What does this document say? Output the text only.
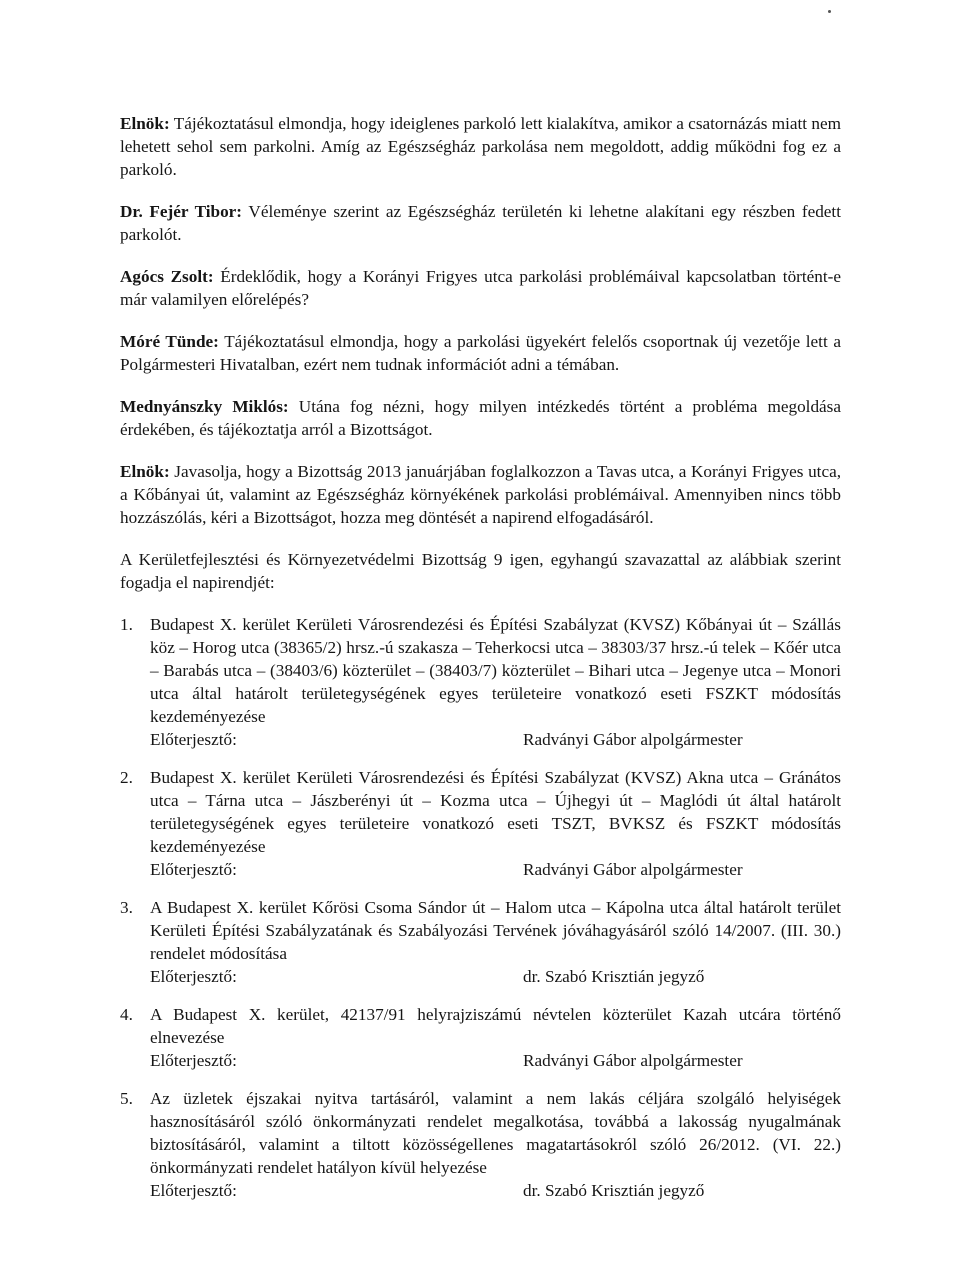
Elnök: Tájékoztatásul elmondja, hogy ideiglenes parkoló lett kialakítva, amikor a csatornázás miatt nem lehetett sehol sem parkolni. Amíg az Egészségház parkolása nem megoldott, addig működni fog ez a parkoló.

Dr. Fejér Tibor: Véleménye szerint az Egészségház területén ki lehetne alakítani egy részben fedett parkolót.

Agócs Zsolt: Érdeklődik, hogy a Korányi Frigyes utca parkolási problémáival kapcsolatban történt-e már valamilyen előrelépés?

Móré Tünde: Tájékoztatásul elmondja, hogy a parkolási ügyekért felelős csoportnak új vezetője lett a Polgármesteri Hivatalban, ezért nem tudnak információt adni a témában.

Mednyánszky Miklós: Utána fog nézni, hogy milyen intézkedés történt a probléma megoldása érdekében, és tájékoztatja arról a Bizottságot.

Elnök: Javasolja, hogy a Bizottság 2013 januárjában foglalkozzon a Tavas utca, a Korányi Frigyes utca, a Kőbányai út, valamint az Egészségház környékének parkolási problémáival. Amennyiben nincs több hozzászólás, kéri a Bizottságot, hozza meg döntését a napirend elfogadásáról.

A Kerületfejlesztési és Környezetvédelmi Bizottság 9 igen, egyhangú szavazattal az alábbiak szerint fogadja el napirendjét:

1. Budapest X. kerület Kerületi Városrendezési és Építési Szabályzat (KVSZ) Kőbányai út – Szállás köz – Horog utca (38365/2) hrsz.-ú szakasza – Teherkocsi utca – 38303/37 hrsz.-ú telek – Kőér utca – Barabás utca – (38403/6) közterület – (38403/7) közterület – Bihari utca – Jegenye utca – Monori utca által határolt területegységének egyes területeire vonatkozó eseti FSZKT módosítás kezdeményezése
Előterjesztő:	Radványi Gábor alpolgármester
2. Budapest X. kerület Kerületi Városrendezési és Építési Szabályzat (KVSZ) Akna utca – Gránátos utca – Tárna utca – Jászberényi út – Kozma utca – Újhegyi út – Maglódi út által határolt területegységének egyes területeire vonatkozó eseti TSZT, BVKSZ és FSZKT módosítás kezdeményezése
Előterjesztő:	Radványi Gábor alpolgármester
3. A Budapest X. kerület Kőrösi Csoma Sándor út – Halom utca – Kápolna utca által határolt terület Kerületi Építési Szabályzatának és Szabályozási Tervének jóváhagyásáról szóló 14/2007. (III. 30.) rendelet módosítása
Előterjesztő:	dr. Szabó Krisztián jegyző
4. A Budapest X. kerület, 42137/91 helyrajziszámú névtelen közterület Kazah utcára történő elnevezése
Előterjesztő:	Radványi Gábor alpolgármester
5. Az üzletek éjszakai nyitva tartásáról, valamint a nem lakás céljára szolgáló helyiségek hasznosításáról szóló önkormányzati rendelet megalkotása, továbbá a lakosság nyugalmának biztosításáról, valamint a tiltott közösségellenes magatartásokról szóló 26/2012. (VI. 22.) önkormányzati rendelet hatályon kívül helyezése
Előterjesztő:	dr. Szabó Krisztián jegyző
